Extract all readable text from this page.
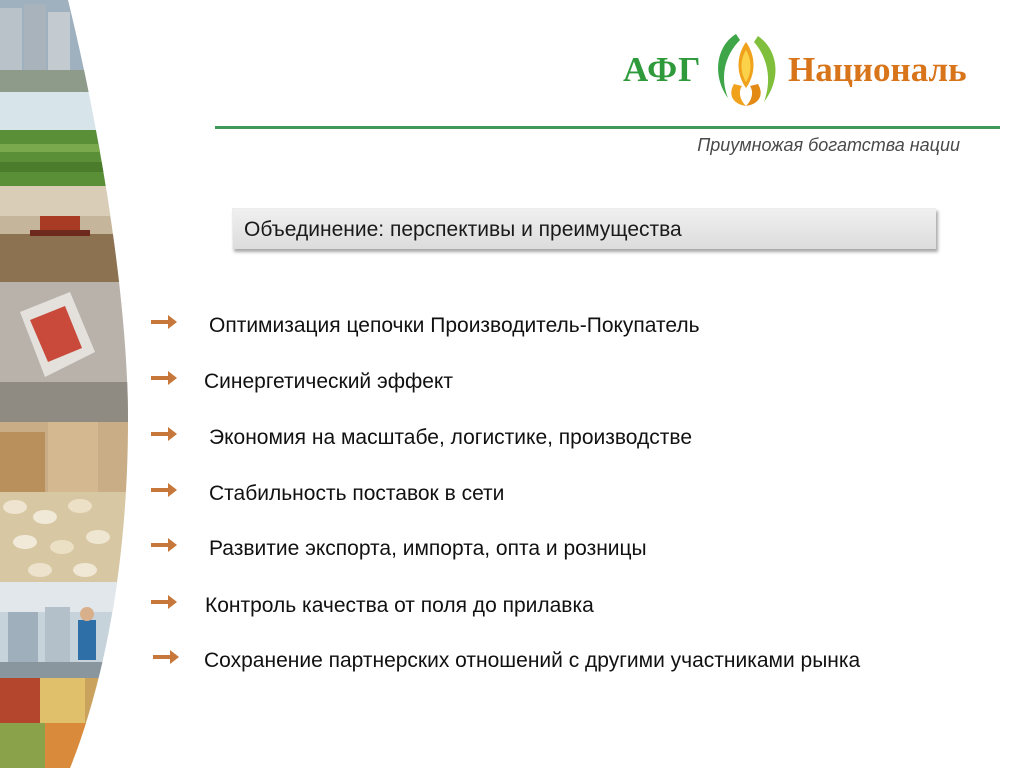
АФГ Националь
Приумножая богатства нации
Объединение: перспективы и преимущества
Оптимизация цепочки Производитель-Покупатель
Синергетический эффект
Экономия на масштабе, логистике, производстве
Стабильность поставок в сети
Развитие экспорта, импорта, опта и розницы
Контроль качества от поля до прилавка
Сохранение партнерских отношений с другими участниками рынка
